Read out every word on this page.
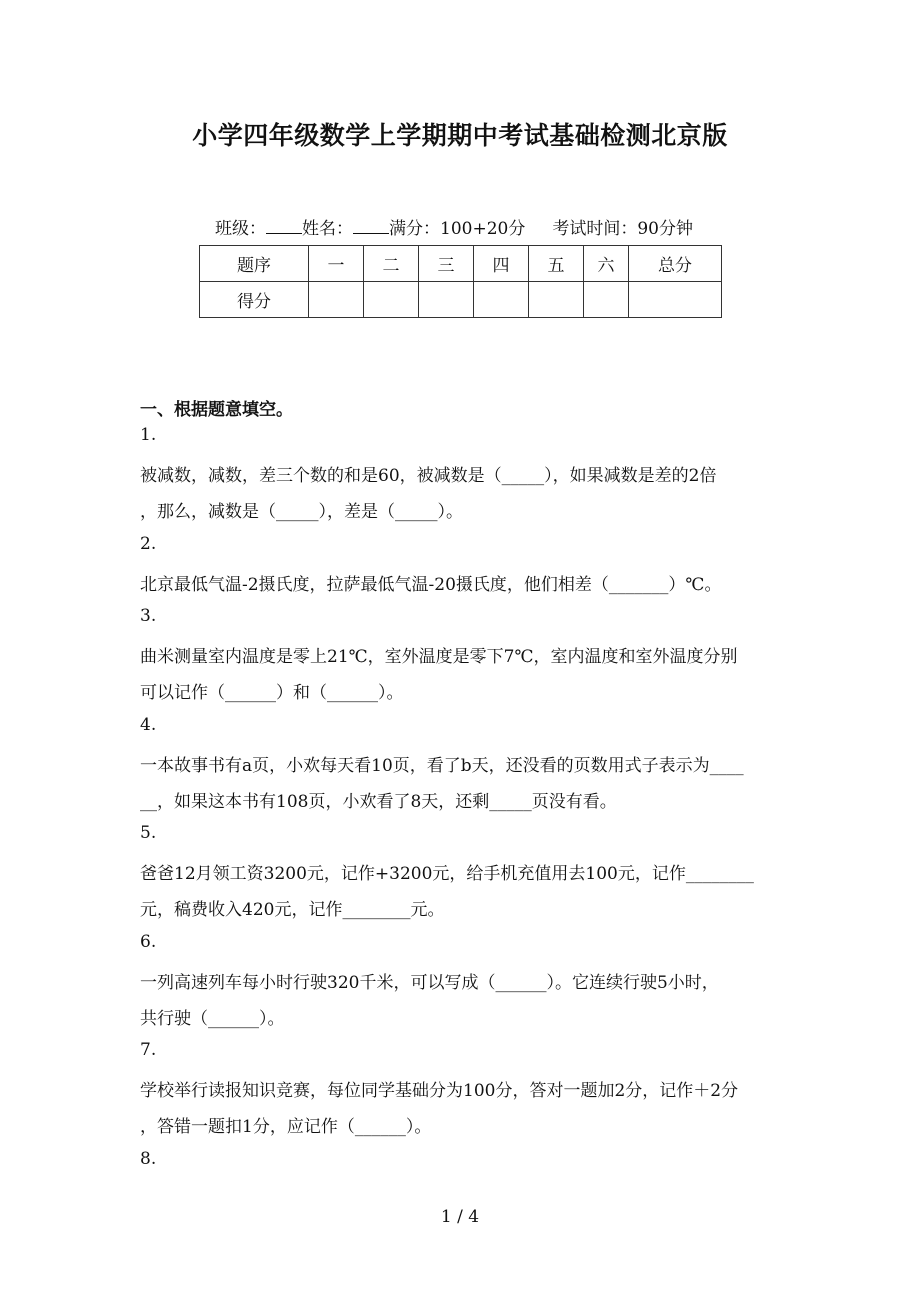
小学四年级数学上学期期中考试基础检测北京版
班级： 姓名： 满分：100+20分 考试时间：90分钟
题序	一	二	三	四	五	六	总分
得分							
一、根据题意填空。
1.
被减数，减数，差三个数的和是60，被减数是（_____），如果减数是差的2倍
，那么，减数是（_____），差是（_____）。
2.
北京最低气温-2摄氏度，拉萨最低气温-20摄氏度，他们相差（_______）℃。
3.
曲米测量室内温度是零上21℃，室外温度是零下7℃，室内温度和室外温度分别
可以记作（______）和（______）。
4.
一本故事书有a页，小欢每天看10页，看了b天，还没看的页数用式子表示为____
__，如果这本书有108页，小欢看了8天，还剩_____页没有看。
5.
爸爸12月领工资3200元，记作+3200元，给手机充值用去100元，记作________
元，稿费收入420元，记作________元。
6.
一列高速列车每小时行驶320千米，可以写成（______）。它连续行驶5小时，
共行驶（______）。
7.
学校举行读报知识竞赛，每位同学基础分为100分，答对一题加2分，记作＋2分
，答错一题扣1分，应记作（______）。
8.
1 / 4
